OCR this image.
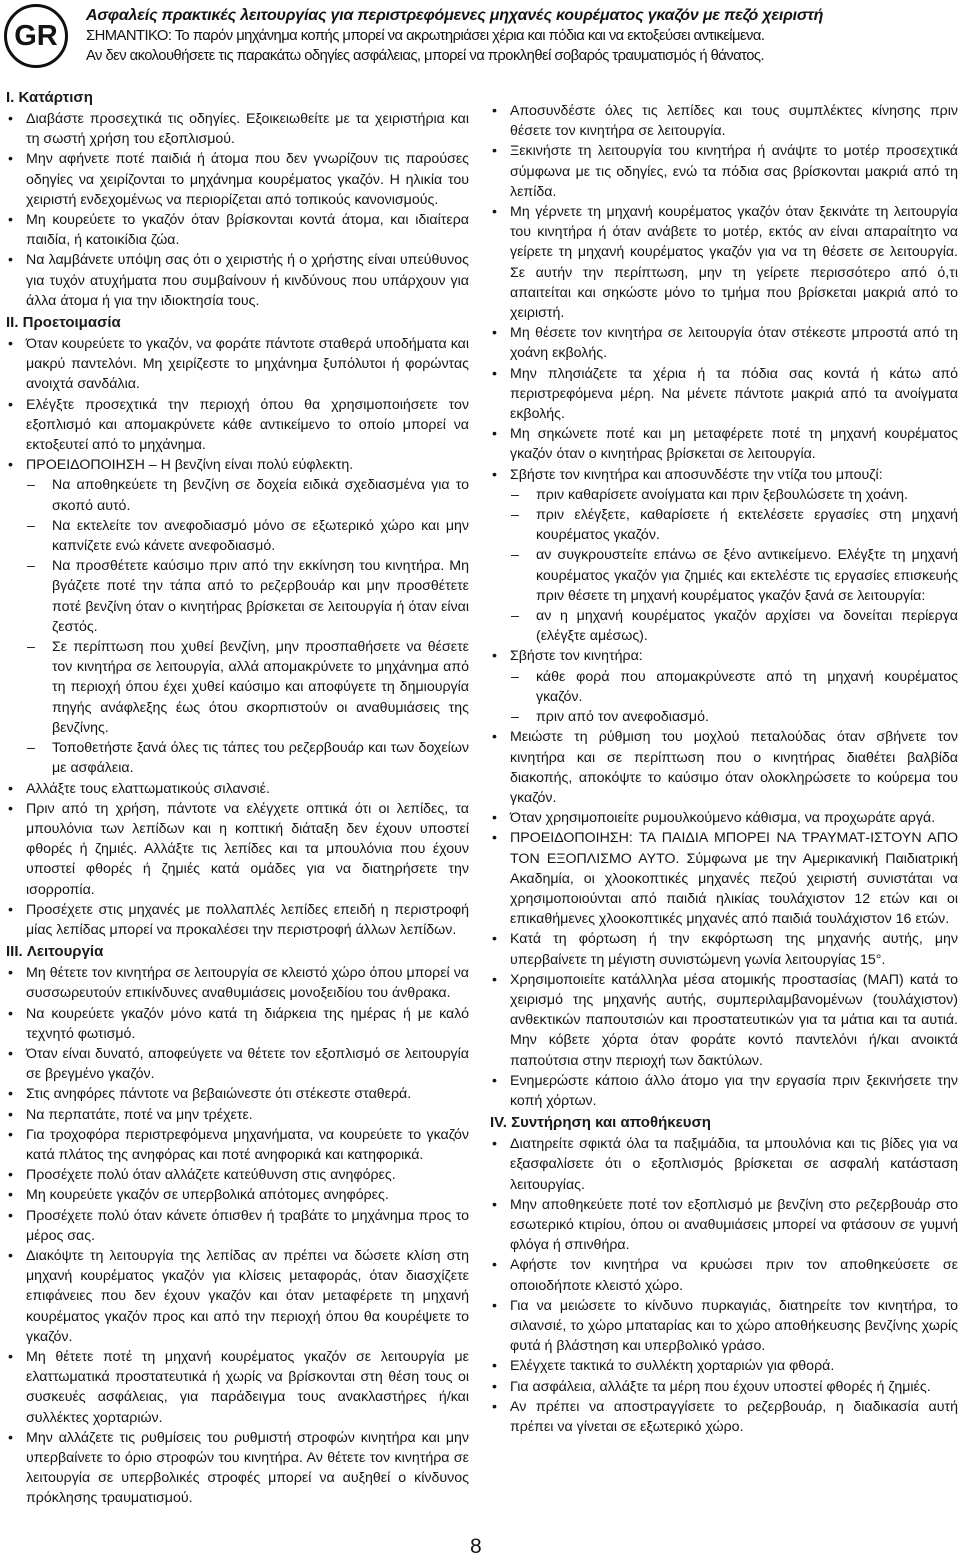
GR
Ασφαλείς πρακτικές λειτουργίας για περιστρεφόμενες μηχανές κουρέματος γκαζόν με πεζό χειριστή
ΣΗΜΑΝΤΙΚΟ: Το παρόν μηχάνημα κοπής μπορεί να ακρωτηριάσει χέρια και πόδια και να εκτοξεύσει αντικείμενα.
Αν δεν ακολουθήσετε τις παρακάτω οδηγίες ασφάλειας, μπορεί να προκληθεί σοβαρός τραυματισμός ή θάνατος.
I. Κατάρτιση
• Διαβάστε προσεχτικά τις οδηγίες. Εξοικειωθείτε με τα χειριστήρια και τη σωστή χρήση του εξοπλισμού.
• Μην αφήνετε ποτέ παιδιά ή άτομα που δεν γνωρίζουν τις παρούσες οδηγίες να χειρίζονται το μηχάνημα κουρέματος γκαζόν. Η ηλικία του χειριστή ενδεχομένως να περιορίζεται από τοπικούς κανονισμούς.
• Μη κουρεύετε το γκαζόν όταν βρίσκονται κοντά άτομα, και ιδιαίτερα παιδία, ή κατοικίδια ζώα.
• Να λαμβάνετε υπόψη σας ότι ο χειριστής ή ο χρήστης είναι υπεύθυνος για τυχόν ατυχήματα που συμβαίνουν ή κινδύνους που υπάρχουν για άλλα άτομα ή για την ιδιοκτησία τους.
II. Προετοιμασία
• Όταν κουρεύετε το γκαζόν, να φοράτε πάντοτε σταθερά υποδήματα και μακρύ παντελόνι. Μη χειρίζεστε το μηχάνημα ξυπόλυτοι ή φορώντας ανοιχτά σανδάλια.
• Ελέγξτε προσεχτικά την περιοχή όπου θα χρησιμοποιήσετε τον εξοπλισμό και απομακρύνετε κάθε αντικείμενο το οποίο μπορεί να εκτοξευτεί από το μηχάνημα.
• ΠΡΟΕΙΔΟΠΟΙΗΣΗ – Η βενζίνη είναι πολύ εύφλεκτη.
– Να αποθηκεύετε τη βενζίνη σε δοχεία ειδικά σχεδιασμένα για το σκοπό αυτό.
– Να εκτελείτε τον ανεφοδιασμό μόνο σε εξωτερικό χώρο και μην καπνίζετε ενώ κάνετε ανεφοδιασμό.
– Να προσθέτετε καύσιμο πριν από την εκκίνηση του κινητήρα. Μη βγάζετε ποτέ την τάπα από το ρεζερβουάρ και μην προσθέτετε ποτέ βενζίνη όταν ο κινητήρας βρίσκεται σε λειτουργία ή όταν είναι ζεστός.
– Σε περίπτωση που χυθεί βενζίνη, μην προσπαθήσετε να θέσετε τον κινητήρα σε λειτουργία, αλλά απομακρύνετε το μηχάνημα από τη περιοχή όπου έχει χυθεί καύσιμο και αποφύγετε τη δημιουργία πηγής ανάφλεξης έως ότου σκορπιστούν οι αναθυμιάσεις της βενζίνης.
– Τοποθετήστε ξανά όλες τις τάπες του ρεζερβουάρ και των δοχείων με ασφάλεια.
• Αλλάξτε τους ελαττωματικούς σιλανσιέ.
• Πριν από τη χρήση, πάντοτε να ελέγχετε οπτικά ότι οι λεπίδες, τα μπουλόνια των λεπίδων και η κοπτική διάταξη δεν έχουν υποστεί φθορές ή ζημιές. Αλλάξτε τις λεπίδες και τα μπουλόνια που έχουν υποστεί φθορές ή ζημιές κατά ομάδες για να διατηρήσετε την ισορροπία.
• Προσέχετε στις μηχανές με πολλαπλές λεπίδες επειδή η περιστροφή μίας λεπίδας μπορεί να προκαλέσει την περιστροφή άλλων λεπίδων.
III. Λειτουργία
• Μη θέτετε τον κινητήρα σε λειτουργία σε κλειστό χώρο όπου μπορεί να συσσωρευτούν επικίνδυνες αναθυμιάσεις μονοξειδίου του άνθρακα.
• Να κουρεύετε γκαζόν μόνο κατά τη διάρκεια της ημέρας ή με καλό τεχνητό φωτισμό.
• Όταν είναι δυνατό, αποφεύγετε να θέτετε τον εξοπλισμό σε λειτουργία σε βρεγμένο γκαζόν.
• Στις ανηφόρες πάντοτε να βεβαιώνεστε ότι στέκεστε σταθερά.
• Να περπατάτε, ποτέ να μην τρέχετε.
• Για τροχοφόρα περιστρεφόμενα μηχανήματα, να κουρεύετε το γκαζόν κατά πλάτος της ανηφόρας και ποτέ ανηφορικά και κατηφορικά.
• Προσέχετε πολύ όταν αλλάζετε κατεύθυνση στις ανηφόρες.
• Μη κουρεύετε γκαζόν σε υπερβολικά απότομες ανηφόρες.
• Προσέχετε πολύ όταν κάνετε όπισθεν ή τραβάτε το μηχάνημα προς το μέρος σας.
• Διακόψτε τη λειτουργία της λεπίδας αν πρέπει να δώσετε κλίση στη μηχανή κουρέματος γκαζόν για κλίσεις μεταφοράς, όταν διασχίζετε επιφάνειες που δεν έχουν γκαζόν και όταν μεταφέρετε τη μηχανή κουρέματος γκαζόν προς και από την περιοχή όπου θα κουρέψετε το γκαζόν.
• Μη θέτετε ποτέ τη μηχανή κουρέματος γκαζόν σε λειτουργία με ελαττωματικά προστατευτικά ή χωρίς να βρίσκονται στη θέση τους οι συσκευές ασφάλειας, για παράδειγμα τους ανακλαστήρες ή/και συλλέκτες χορταριών.
• Μην αλλάζετε τις ρυθμίσεις του ρυθμιστή στροφών κινητήρα και μην υπερβαίνετε το όριο στροφών του κινητήρα. Αν θέτετε τον κινητήρα σε λειτουργία σε υπερβολικές στροφές μπορεί να αυξηθεί ο κίνδυνος πρόκλησης τραυματισμού.
• Αποσυνδέστε όλες τις λεπίδες και τους συμπλέκτες κίνησης πριν θέσετε τον κινητήρα σε λειτουργία.
• Ξεκινήστε τη λειτουργία του κινητήρα ή ανάψτε το μοτέρ προσεχτικά σύμφωνα με τις οδηγίες, ενώ τα πόδια σας βρίσκονται μακριά από τη λεπίδα.
• Μη γέρνετε τη μηχανή κουρέματος γκαζόν όταν ξεκινάτε τη λειτουργία του κινητήρα ή όταν ανάβετε το μοτέρ, εκτός αν είναι απαραίτητο να γείρετε τη μηχανή κουρέματος γκαζόν για να τη θέσετε σε λειτουργία. Σε αυτήν την περίπτωση, μην τη γείρετε περισσότερο από ό,τι απαιτείται και σηκώστε μόνο το τμήμα που βρίσκεται μακριά από το χειριστή.
• Μη θέσετε τον κινητήρα σε λειτουργία όταν στέκεστε μπροστά από τη χοάνη εκβολής.
• Μην πλησιάζετε τα χέρια ή τα πόδια σας κοντά ή κάτω από περιστρεφόμενα μέρη. Να μένετε πάντοτε μακριά από τα ανοίγματα εκβολής.
• Μη σηκώνετε ποτέ και μη μεταφέρετε ποτέ τη μηχανή κουρέματος γκαζόν όταν ο κινητήρας βρίσκεται σε λειτουργία.
• Σβήστε τον κινητήρα και αποσυνδέστε την ντίζα του μπουζί:
– πριν καθαρίσετε ανοίγματα και πριν ξεβουλώσετε τη χοάνη.
– πριν ελέγξετε, καθαρίσετε ή εκτελέσετε εργασίες στη μηχανή κουρέματος γκαζόν.
– αν συγκρουστείτε επάνω σε ξένο αντικείμενο. Ελέγξτε τη μηχανή κουρέματος γκαζόν για ζημιές και εκτελέστε τις εργασίες επισκευής πριν θέσετε τη μηχανή κουρέματος γκαζόν ξανά σε λειτουργία:
– αν η μηχανή κουρέματος γκαζόν αρχίσει να δονείται περίεργα (ελέγξτε αμέσως).
• Σβήστε τον κινητήρα:
– κάθε φορά που απομακρύνεστε από τη μηχανή κουρέματος γκαζόν.
– πριν από τον ανεφοδιασμό.
• Μειώστε τη ρύθμιση του μοχλού πεταλούδας όταν σβήνετε τον κινητήρα και σε περίπτωση που ο κινητήρας διαθέτει βαλβίδα διακοπής, αποκόψτε το καύσιμο όταν ολοκληρώσετε το κούρεμα του γκαζόν.
• Όταν χρησιμοποιείτε ρυμουλκούμενο κάθισμα, να προχωράτε αργά.
• ΠΡΟΕΙΔΟΠΟΙΗΣΗ: ΤΑ ΠΑΙΔΙΑ ΜΠΟΡΕΙ ΝΑ ΤΡΑΥΜΑΤ-ΙΣΤΟΥΝ ΑΠΟ ΤΟΝ ΕΞΟΠΛΙΣΜΟ ΑΥΤΟ. Σύμφωνα με την Αμερικανική Παιδιατρική Ακαδημία, οι χλοοκοπτικές μηχανές πεζού χειριστή συνιστάται να χρησιμοποιούνται από παιδιά ηλικίας τουλάχιστον 12 ετών και οι επικαθήμενες χλοοκοπτικές μηχανές από παιδιά τουλάχιστον 16 ετών.
• Κατά τη φόρτωση ή την εκφόρτωση της μηχανής αυτής, μην υπερβαίνετε τη μέγιστη συνιστώμενη γωνία λειτουργίας 15°.
• Χρησιμοποιείτε κατάλληλα μέσα ατομικής προστασίας (ΜΑΠ) κατά το χειρισμό της μηχανής αυτής, συμπεριλαμβανομένων (τουλάχιστον) ανθεκτικών παπουτσιών και προστατευτικών για τα μάτια και τα αυτιά. Μην κόβετε χόρτα όταν φοράτε κοντό παντελόνι ή/και ανοικτά παπούτσια στην περιοχή των δακτύλων.
• Ενημερώστε κάποιο άλλο άτομο για την εργασία πριν ξεκινήσετε την κοπή χόρτων.
IV. Συντήρηση και αποθήκευση
• Διατηρείτε σφικτά όλα τα παξιμάδια, τα μπουλόνια και τις βίδες για να εξασφαλίσετε ότι ο εξοπλισμός βρίσκεται σε ασφαλή κατάσταση λειτουργίας.
• Μην αποθηκεύετε ποτέ τον εξοπλισμό με βενζίνη στο ρεζερβουάρ στο εσωτερικό κτιρίου, όπου οι αναθυμιάσεις μπορεί να φτάσουν σε γυμνή φλόγα ή σπινθήρα.
• Αφήστε τον κινητήρα να κρυώσει πριν τον αποθηκεύσετε σε οποιοδήποτε κλειστό χώρο.
• Για να μειώσετε το κίνδυνο πυρκαγιάς, διατηρείτε τον κινητήρα, το σιλανσιέ, το χώρο μπαταρίας και το χώρο αποθήκευσης βενζίνης χωρίς φυτά ή βλάστηση και υπερβολικό γράσο.
• Ελέγχετε τακτικά το συλλέκτη χορταριών για φθορά.
• Για ασφάλεια, αλλάξτε τα μέρη που έχουν υποστεί φθορές ή ζημιές.
• Αν πρέπει να αποστραγγίσετε το ρεζερβουάρ, η διαδικασία αυτή πρέπει να γίνεται σε εξωτερικό χώρο.
8
